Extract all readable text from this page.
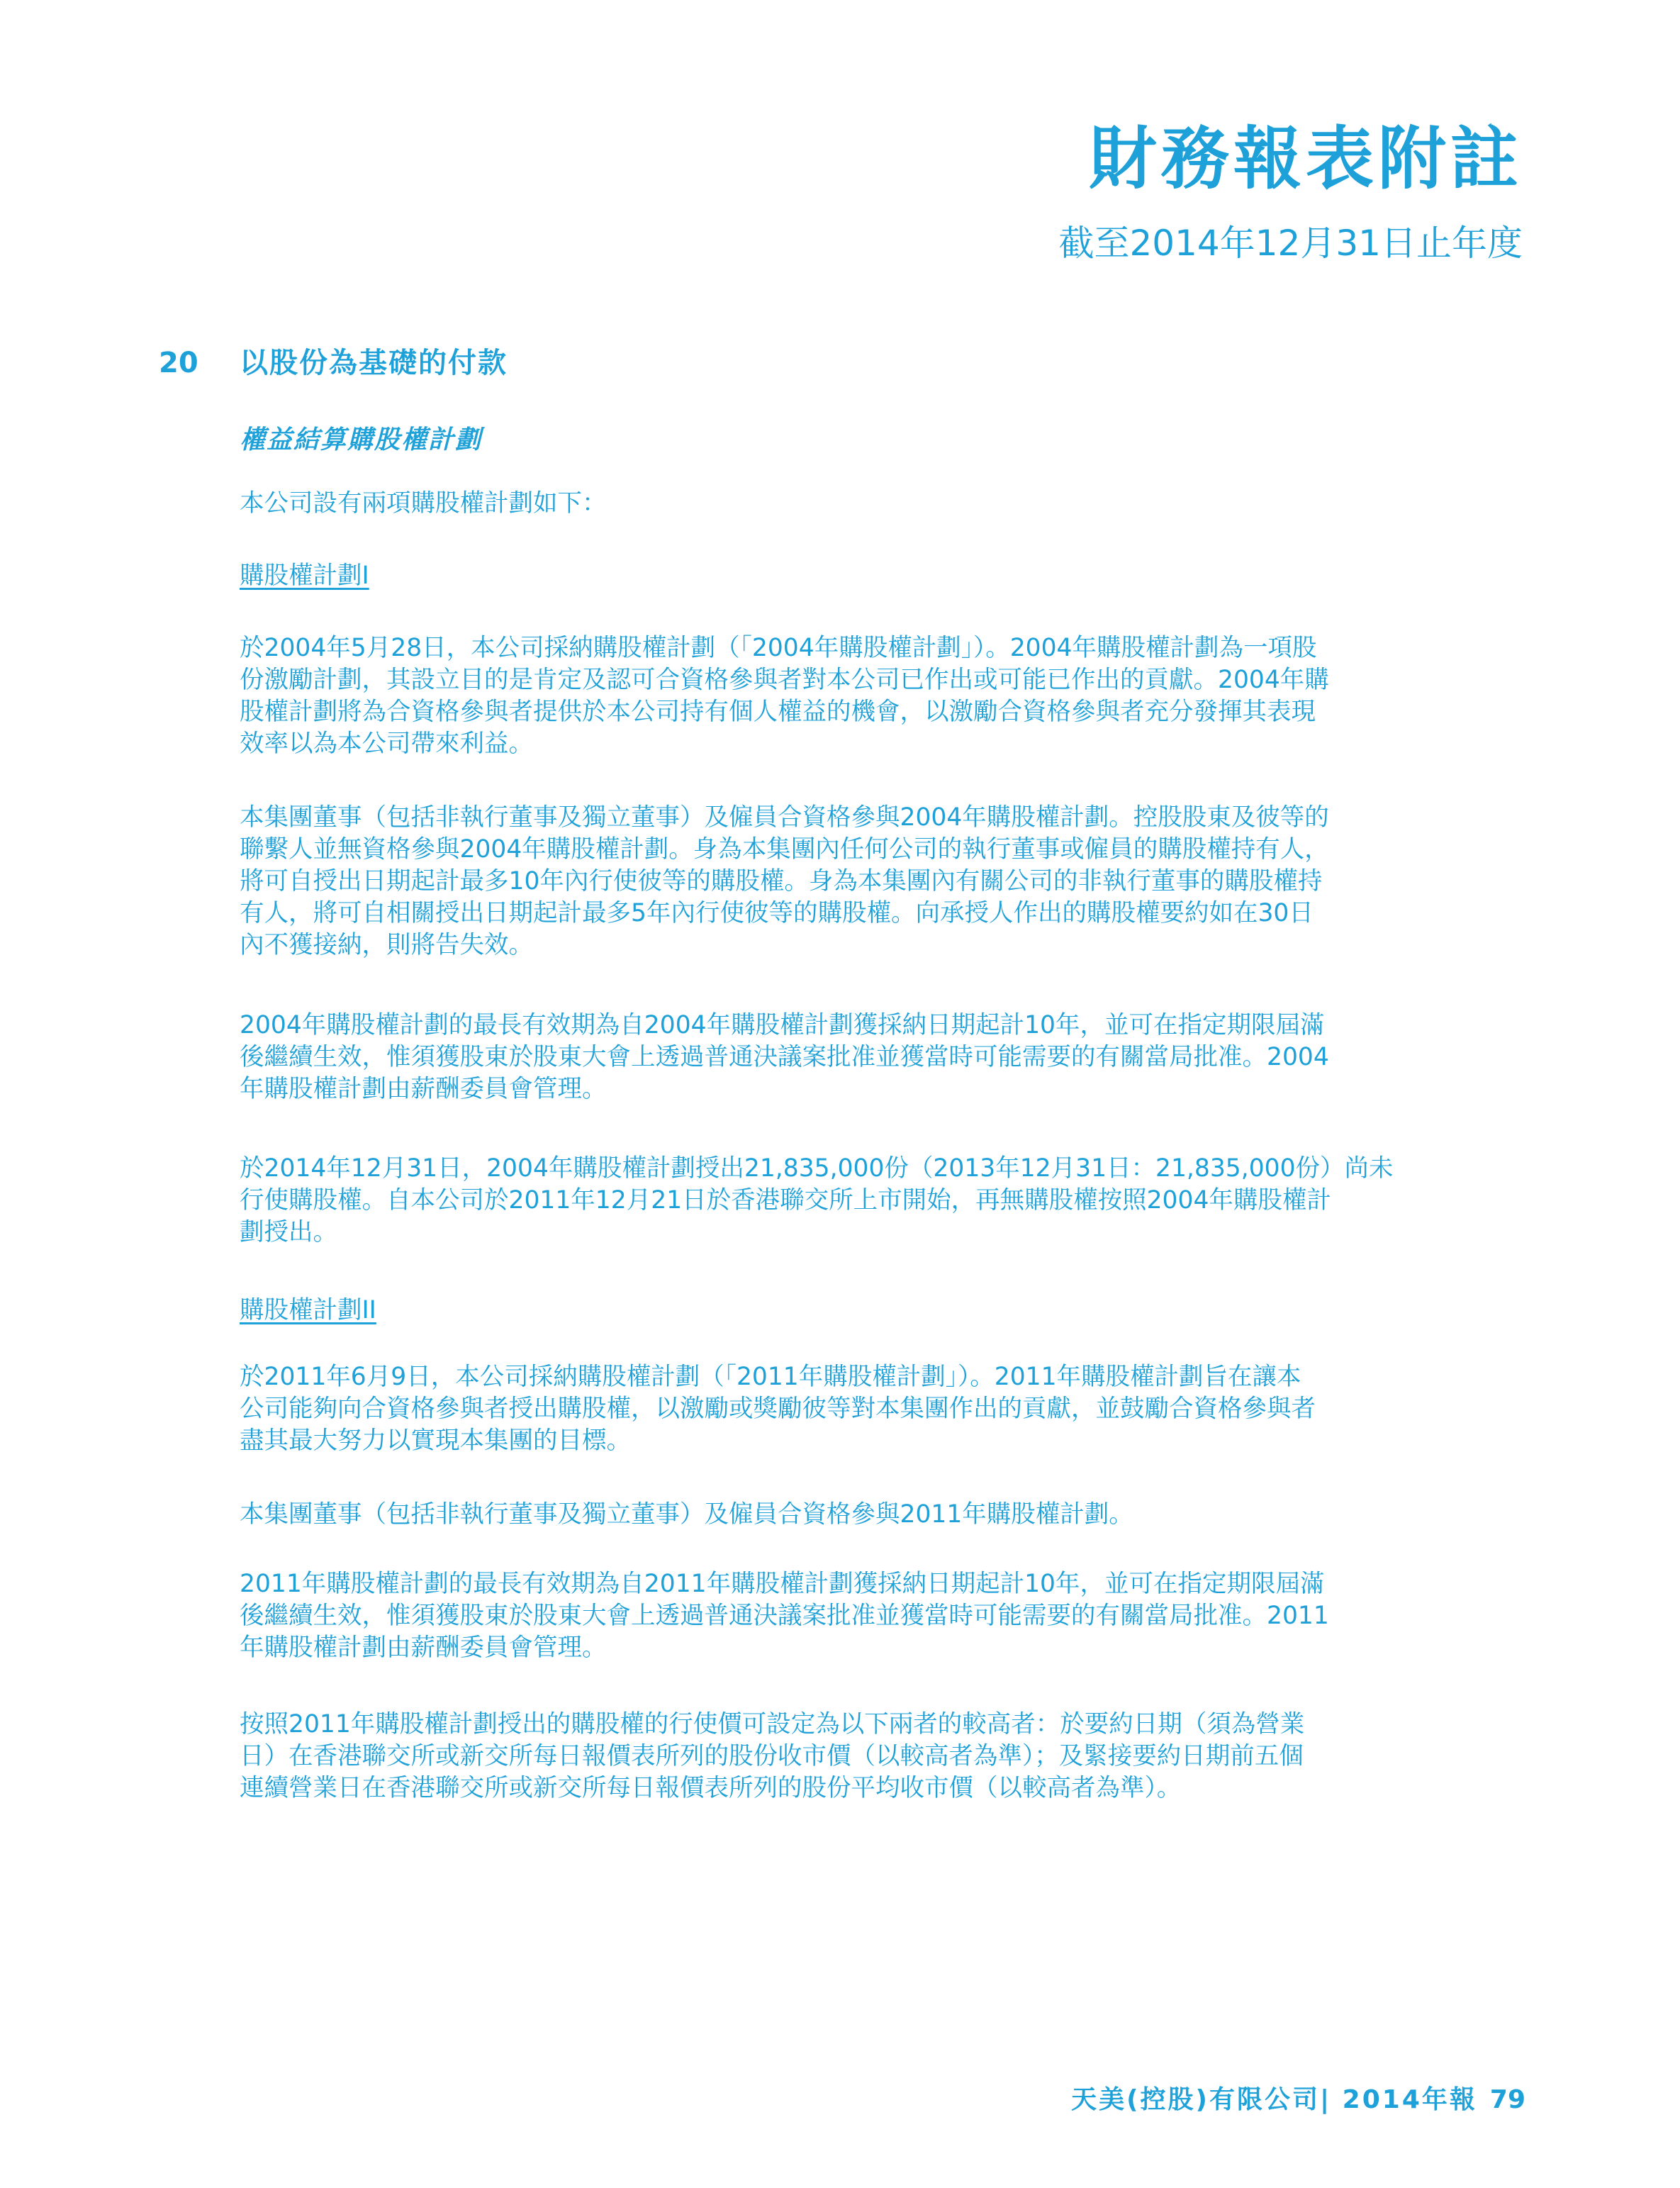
財務報表附註
截至2014年12月31日止年度
20 以股份為基礎的付款
權益結算購股權計劃
本公司設有兩項購股權計劃如下：
購股權計劃I
於2004年5月28日，本公司採納購股權計劃（「2004年購股權計劃」）。2004年購股權計劃為一項股
份激勵計劃，其設立目的是肯定及認可合資格參與者對本公司已作出或可能已作出的貢獻。2004年購
股權計劃將為合資格參與者提供於本公司持有個人權益的機會，以激勵合資格參與者充分發揮其表現
效率以為本公司帶來利益。
本集團董事（包括非執行董事及獨立董事）及僱員合資格參與2004年購股權計劃。控股股東及彼等的
聯繫人並無資格參與2004年購股權計劃。身為本集團內任何公司的執行董事或僱員的購股權持有人，
將可自授出日期起計最多10年內行使彼等的購股權。身為本集團內有關公司的非執行董事的購股權持
有人，將可自相關授出日期起計最多5年內行使彼等的購股權。向承授人作出的購股權要約如在30日
內不獲接納，則將告失效。
2004年購股權計劃的最長有效期為自2004年購股權計劃獲採納日期起計10年，並可在指定期限屆滿
後繼續生效，惟須獲股東於股東大會上透過普通決議案批准並獲當時可能需要的有關當局批准。2004
年購股權計劃由薪酬委員會管理。
於2014年12月31日，2004年購股權計劃授出21,835,000份（2013年12月31日：21,835,000份）尚未
行使購股權。自本公司於2011年12月21日於香港聯交所上市開始，再無購股權按照2004年購股權計
劃授出。
購股權計劃II
於2011年6月9日，本公司採納購股權計劃（「2011年購股權計劃」）。2011年購股權計劃旨在讓本
公司能夠向合資格參與者授出購股權，以激勵或獎勵彼等對本集團作出的貢獻，並鼓勵合資格參與者
盡其最大努力以實現本集團的目標。
本集團董事（包括非執行董事及獨立董事）及僱員合資格參與2011年購股權計劃。
2011年購股權計劃的最長有效期為自2011年購股權計劃獲採納日期起計10年，並可在指定期限屆滿
後繼續生效，惟須獲股東於股東大會上透過普通決議案批准並獲當時可能需要的有關當局批准。2011
年購股權計劃由薪酬委員會管理。
按照2011年購股權計劃授出的購股權的行使價可設定為以下兩者的較高者：於要約日期（須為營業
日）在香港聯交所或新交所每日報價表所列的股份收市價（以較高者為準）；及緊接要約日期前五個
連續營業日在香港聯交所或新交所每日報價表所列的股份平均收市價（以較高者為準）。
天美(控股)有限公司| 2014年報 79
